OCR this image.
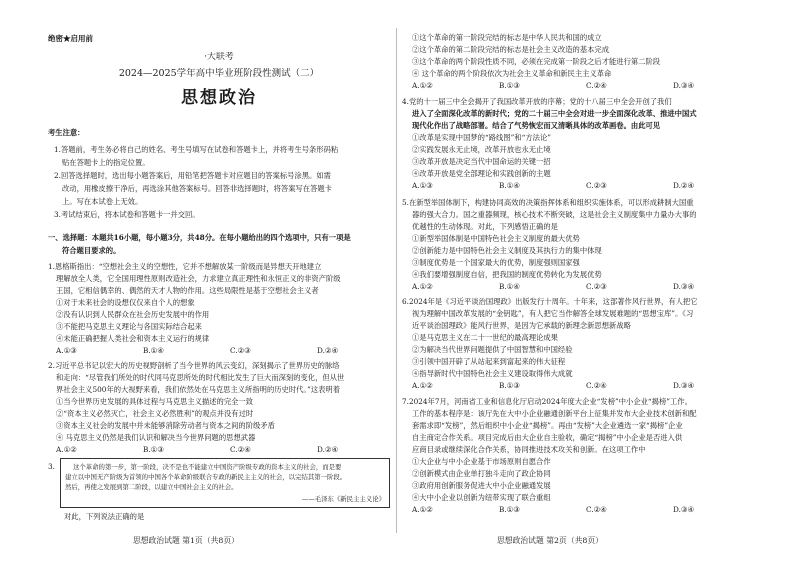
绝密★启用前
·大联考
2024—2025学年高中毕业班阶段性测试（二）
思想政治
考生注意：
1.答题前，考生务必将自己的姓名、考生号填写在试卷和答题卡上，并将考生号条形码粘
贴在答题卡上的指定位置。
2.回答选择题时，选出每小题答案后，用铅笔把答题卡对应题目的答案标号涂黑。如需
改动，用橡皮擦干净后，再选涂其他答案标号。回答非选择题时，将答案写在答题卡
上。写在本试卷上无效。
3.考试结束后，将本试卷和答题卡一并交回。
一、选择题：本题共16小题，每小题3分，共48分。在每小题给出的四个选项中，只有一项是
符合题目要求的。
1.恩格斯指出：“空想社会主义的空想性，它并不想解放某一阶级而是异想天开地建立
理解放全人类，它全国用理性原则改造社会，力求建立真正理性和永恒正义的非资产阶级
王国，它相信偶幸的、偶然的天才人物的作用。这些局限性是基于空想社会主义者
①对于未来社会的设想仅仅来自个人的想象
②没有认识到人民群众在社会历史发展中的作用
③不能把马克思主义理论与各国实际结合起来
④未能正确把握人类社会和资本主义运行的规律
A.①③	B.①④	C.②③	D.②④
2.习近平总书记以宏大的历史视野剖析了当今世界的风云变幻，深刻揭示了世界历史的脉络
和走向：“尽管我们所处的时代同马克思所处的时代相比发生了巨大而深刻的变化，但从世
界社会主义500年的大视野来看，我们依然处在马克思主义所指明的历史时代。”这表明着
①当今世界历史发展的具体过程与马克思主义描述的完全一致
②“资本主义必然灭亡，社会主义必然胜利”的观点并没有过时
③资本主义社会的发展中并未能够消除劳动者与资本之间的阶级矛盾
④ 马克思主义仍然是我们认识和解决当今世界问题的思想武器
A.①②	B.①③	C.②④	D.②④
3.	这个革命的第一步，第一阶段，决不是也不能建立中国资产阶级专政的资本主义的社会，而是要
建立以中国无产阶级为首领的中国各个革命阶级联合专政的新民主主义的社会，以完结其第一阶段。
然后，再使之发展到第二阶段，以建立中国社会主义的社会。
——毛泽东《新民主主义论》
对此，下列说法正确的是
思想政治试题 第1页（共8页）
①这个革命的第一阶段完结的标志是中华人民共和国的成立
②这个革命的第二阶段完结的标志是社会主义改造的基本完成
③这个革命的两个阶段性质不同，必须在完成第一阶段之后才能进行第二阶段
④ 这个革命的两个阶段依次为社会主义革命和新民主主义革命
A.①②	B.①③	C.②④	D.③④
4.党的十一届三中全会揭开了我国改革开放的序幕；党的十八届三中全会开创了我们
进入了全面深化改革的新时代；党的二十届三中全会对进一步全面深化改革、推进中国式
现代化作出了战略部署。结合了气势恢宏而又清晰具体的改革画卷。由此可见
①改革是实现中国梦的“路线图”和“方法论”
②实践发展永无止境，改革开放也永无止境
③改革开放是决定当代中国命运的关键一招
④改革开放是党全部理论和实践创新的主题
A.①③	B.①④	C.②③	D.②④
5.在新型举国体制下，构建协同高效的决策指挥体系和组织实施体系，可以形成耕制大国重
器的强大合力。国之重器频现，核心技术不断突破，这是社会主义制度集中力量办大事的
优越性的生动体现。对此，下列感悟正确的是
①新型举国体制是中国特色社会主义制度的最大优势
②创新能力是中国特色社会主义制度及其执行力的集中体现
③制度优势是一个国家最大的优势，制度强则国家强
④我们要增强制度自信，把我国的制度优势转化为发展优势
A.①②	B.①④	C.②③	D.③④
6.2024年是《习近平谈治国理政》出版发行十周年。十年来，这部著作风行世界，有人把它
视为理解中国改革发展的“金钥匙”，有人把它当作解答全球发展难题的“思想宝库”。《习
近平谈治国理政》能风行世界，是因为它承载的新理念新思想新战略
①是马克思主义在二十一世纪的最高理论成果
②为解决当代世界问题提供了中国智慧和中国经验
③引领中国开辟了从站起来到富起来的伟大征程
④指导新时代中国特色社会主义建设取得伟大成就
A.①②	B.①③	C.②④	D.③④
7.2024年7月，河南省工业和信息化厅启动2024年度大企业“发榜”中小企业“揭榜”工作。
工作的基本程序是：该厅先在大中小企业融通创新平台上征集并发布大企业技术创新和配
套需求即“发榜”，然后组织中小企业“揭榜”。再由“发榜”大企业遴选一家“揭榜”企业
自主商定合作关系。项目完成后由大企业自主验收，确定“揭榜”中小企业是否进入供
应商目录或继续深化合作关系，协同推进技术攻关和创新。在这项工作中
①大企业与中小企业基于市场原则自愿合作
②创新模式由企业单打独斗走向了政企协同
③政府用创新服务促进大中小企业融通发展
④大中小企业以创新为纽带实现了联合重组
A.①②	B.①③	C.②④	D.③④
思想政治试题 第2页（共8页）
